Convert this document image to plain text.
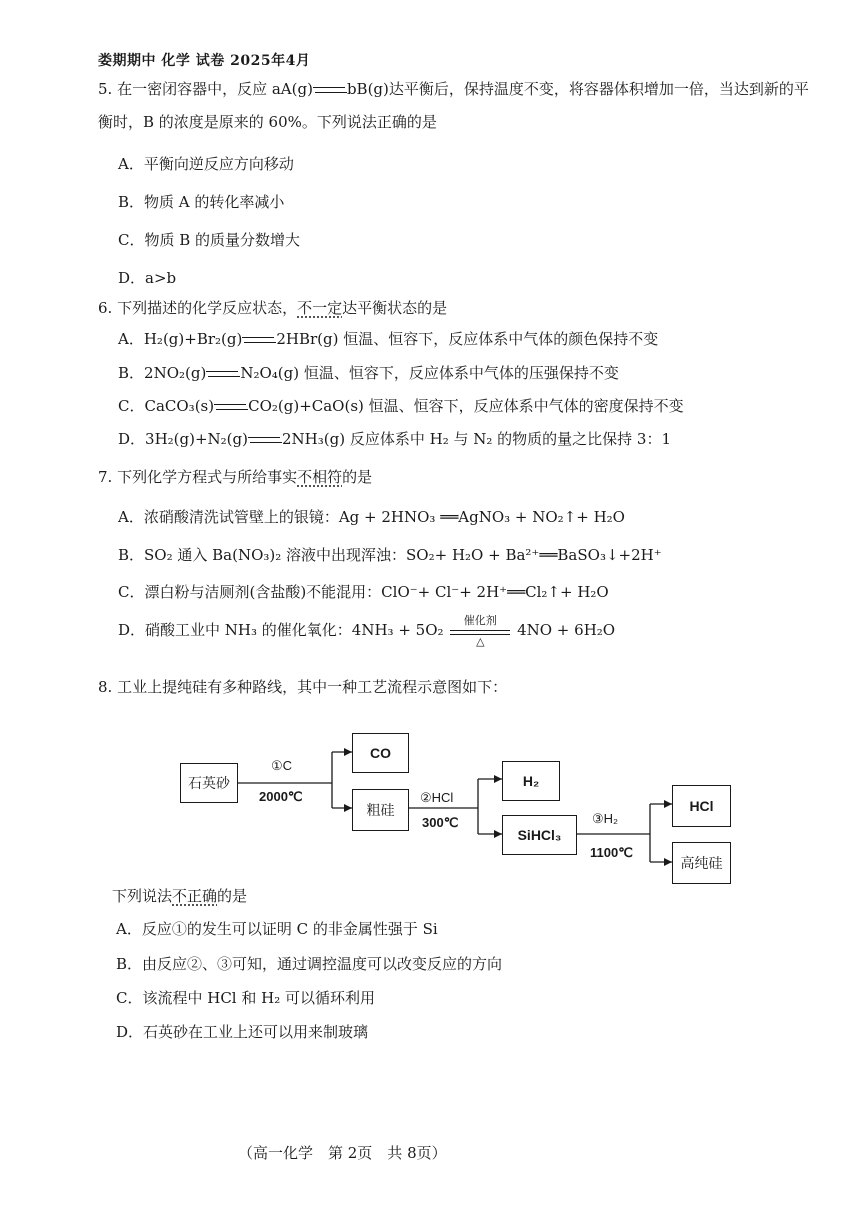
娄期期中 化学 试卷 2025年4月
5. 在一密闭容器中，反应 aA(g) bB(g)达平衡后，保持温度不变，将容器体积增加一倍，当达到新的平
衡时，B 的浓度是原来的 60%。下列说法正确的是
A．平衡向逆反应方向移动
B．物质 A 的转化率减小
C．物质 B 的质量分数增大
D．a>b
6. 下列描述的化学反应状态，不一定达平衡状态的是
A．H₂(g)+Br₂(g) 2HBr(g) 恒温、恒容下，反应体系中气体的颜色保持不变
B．2NO₂(g) N₂O₄(g) 恒温、恒容下，反应体系中气体的压强保持不变
C．CaCO₃(s) CO₂(g)+CaO(s) 恒温、恒容下，反应体系中气体的密度保持不变
D．3H₂(g)+N₂(g) 2NH₃(g) 反应体系中 H₂ 与 N₂ 的物质的量之比保持 3：1
7. 下列化学方程式与所给事实不相符的是
A．浓硝酸清洗试管壁上的银镜：Ag + 2HNO₃ ══AgNO₃ + NO₂↑+ H₂O
B．SO₂ 通入 Ba(NO₃)₂ 溶液中出现浑浊：SO₂+ H₂O + Ba²⁺══BaSO₃↓+2H⁺
C．漂白粉与洁厕剂(含盐酸)不能混用：ClO⁻+ Cl⁻+ 2H⁺══Cl₂↑+ H₂O
D．硝酸工业中 NH₃ 的催化氧化：4NH₃ + 5O₂
催化剂
△
4NO + 6H₂O
8. 工业上提纯硅有多种路线，其中一种工艺流程示意图如下：
石英砂
CO
粗硅
H₂
SiHCl₃
HCl
高纯硅
①C
2000℃	②HCl
300℃	③H₂
1100℃
下列说法不正确的是
A．反应①的发生可以证明 C 的非金属性强于 Si
B．由反应②、③可知，通过调控温度可以改变反应的方向
C．该流程中 HCl 和 H₂ 可以循环利用
D．石英砂在工业上还可以用来制玻璃
（高一化学　第 2页　共 8页）
